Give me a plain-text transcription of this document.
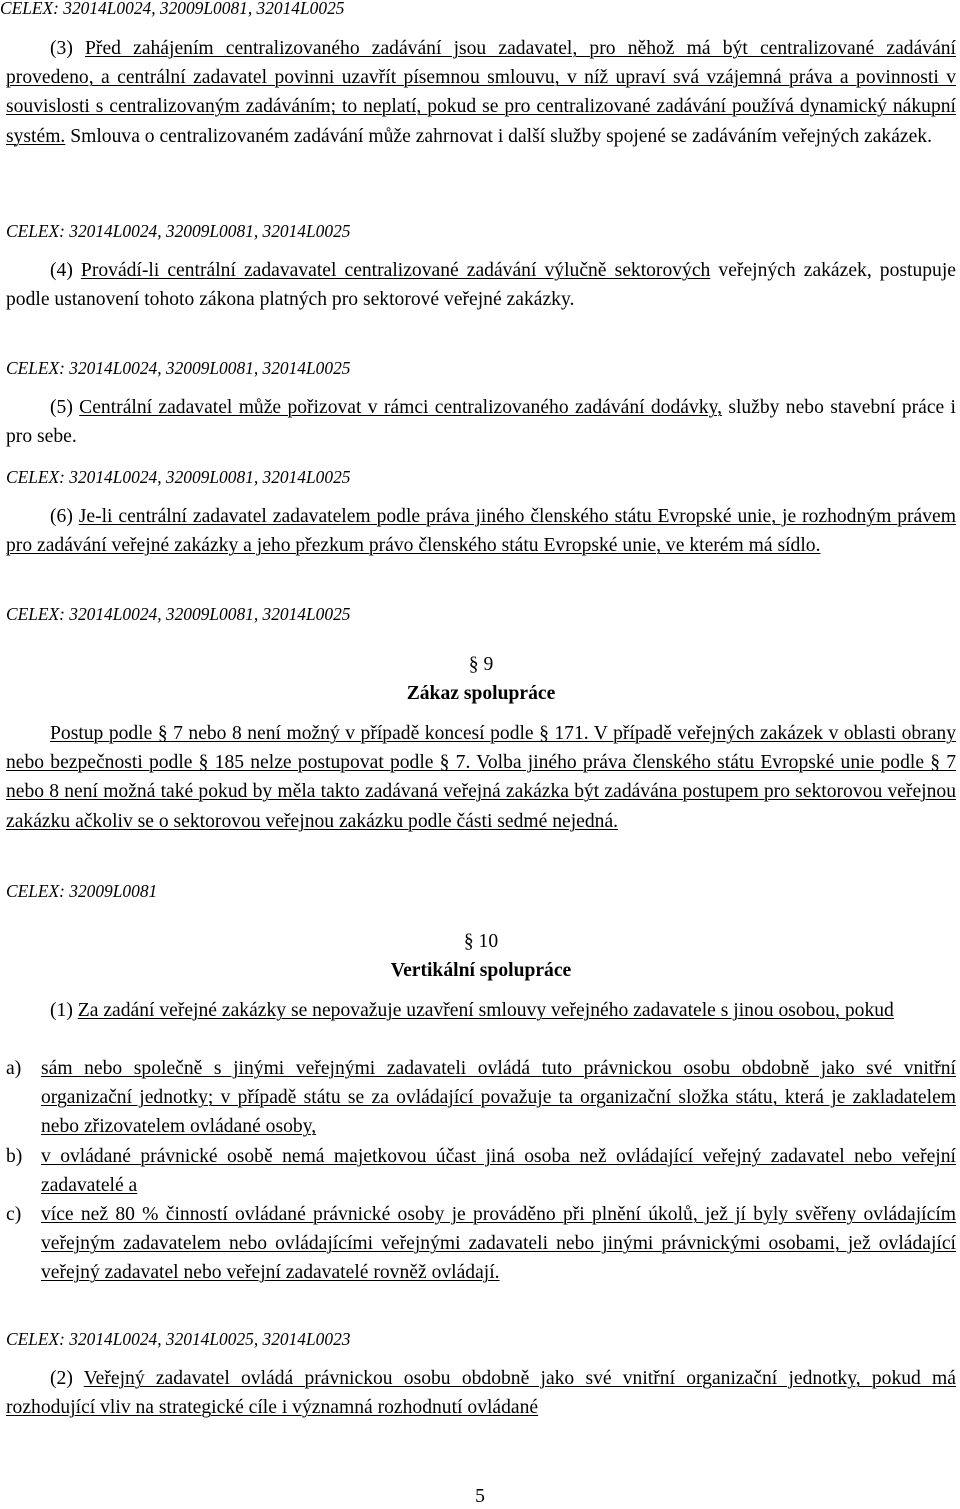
CELEX: 32014L0024, 32009L0081, 32014L0025
(3) Před zahájením centralizovaného zadávání jsou zadavatel, pro něhož má být centralizované zadávání provedeno, a centrální zadavatel povinni uzavřít písemnou smlouvu, v níž upraví svá vzájemná práva a povinnosti v souvislosti s centralizovaným zadáváním; to neplatí, pokud se pro centralizované zadávání používá dynamický nákupní systém. Smlouva o centralizovaném zadávání může zahrnovat i další služby spojené se zadáváním veřejných zakázek.
CELEX: 32014L0024, 32009L0081, 32014L0025
(4) Provádí-li centrální zadavavatel centralizované zadávání výlučně sektorových veřejných zakázek, postupuje podle ustanovení tohoto zákona platných pro sektorové veřejné zakázky.
CELEX: 32014L0024, 32009L0081, 32014L0025
(5) Centrální zadavatel může pořizovat v rámci centralizovaného zadávání dodávky, služby nebo stavební práce i pro sebe.
CELEX: 32014L0024, 32009L0081, 32014L0025
(6) Je-li centrální zadavatel zadavatelem podle práva jiného členského státu Evropské unie, je rozhodným právem pro zadávání veřejné zakázky a jeho přezkum právo členského státu Evropské unie, ve kterém má sídlo.
CELEX: 32014L0024, 32009L0081, 32014L0025
§ 9
Zákaz spolupráce
Postup podle § 7 nebo 8 není možný v případě koncesí podle § 171. V případě veřejných zakázek v oblasti obrany nebo bezpečnosti podle § 185 nelze postupovat podle § 7. Volba jiného práva členského státu Evropské unie podle § 7 nebo 8 není možná také pokud by měla takto zadávaná veřejná zakázka být zadávána postupem pro sektorovou veřejnou zakázku ačkoliv se o sektorovou veřejnou zakázku podle části sedmé nejedná.
CELEX: 32009L0081
§ 10
Vertikální spolupráce
(1) Za zadání veřejné zakázky se nepovažuje uzavření smlouvy veřejného zadavatele s jinou osobou, pokud
a)	sám nebo společně s jinými veřejnými zadavateli ovládá tuto právnickou osobu obdobně jako své vnitřní organizační jednotky; v případě státu se za ovládající považuje ta organizační složka státu, která je zakladatelem nebo zřizovatelem ovládané osoby,
b) v ovládané právnické osobě nemá majetkovou účast jiná osoba než ovládající veřejný zadavatel nebo veřejní zadavatelé a
c)	více než 80 % činností ovládané právnické osoby je prováděno při plnění úkolů, jež jí byly svěřeny ovládajícím veřejným zadavatelem nebo ovládajícími veřejnými zadavateli nebo jinými právnickými osobami, jež ovládající veřejný zadavatel nebo veřejní zadavatelé rovněž ovládají.
CELEX: 32014L0024, 32014L0025, 32014L0023
(2) Veřejný zadavatel ovládá právnickou osobu obdobně jako své vnitřní organizační jednotky, pokud má rozhodující vliv na strategické cíle i významná rozhodnutí ovládané
5
